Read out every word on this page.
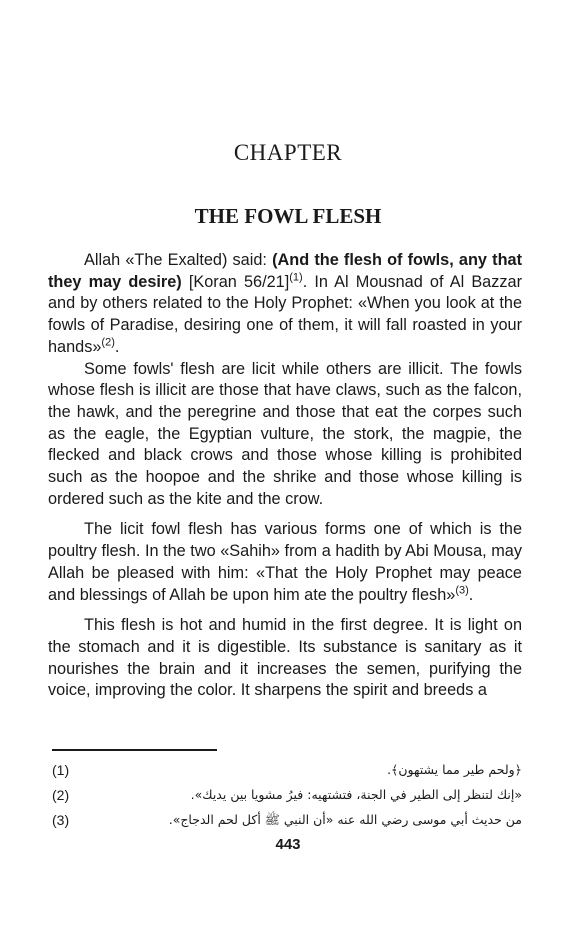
CHAPTER
THE FOWL FLESH

Allah «The Exalted) said: (And the flesh of fowls, any that they may desire) [Koran 56/21]$^{(1)}$. In Al Mousnad of Al Bazzar and by others related to the Holy Prophet: «When you look at the fowls of Paradise, desiring one of them, it will fall roasted in your hands»$^{(2)}$.

Some fowls' flesh are licit while others are illicit. The fowls whose flesh is illicit are those that have claws, such as the falcon, the hawk, and the peregrine and those that eat the corpes such as the eagle, the Egyptian vulture, the stork, the magpie, the flecked and black crows and those whose killing is prohibited such as the hoopoe and the shrike and those whose killing is ordered such as the kite and the crow.

The licit fowl flesh has various forms one of which is the poultry flesh. In the two «Sahih» from a hadith by Abi Mousa, may Allah be pleased with him: «That the Holy Prophet may peace and blessings of Allah be upon him ate the poultry flesh»$^{(3)}$.

This flesh is hot and humid in the first degree. It is light on the stomach and it is digestible. Its substance is sanitary as it nourishes the brain and it increases the semen, purifying the voice, improving the color. It sharpens the spirit and breeds a

(1)	﴿ولحم طير مما يشتهون﴾.
(2)	«إنك لتنظر إلى الطير في الجنة، فتشتهيه: فيرُ مشويا بين يديك».
(3)	من حديث أبي موسى رضي الله عنه «أن النبي ﷺ أكل لحم الدجاج».
443
